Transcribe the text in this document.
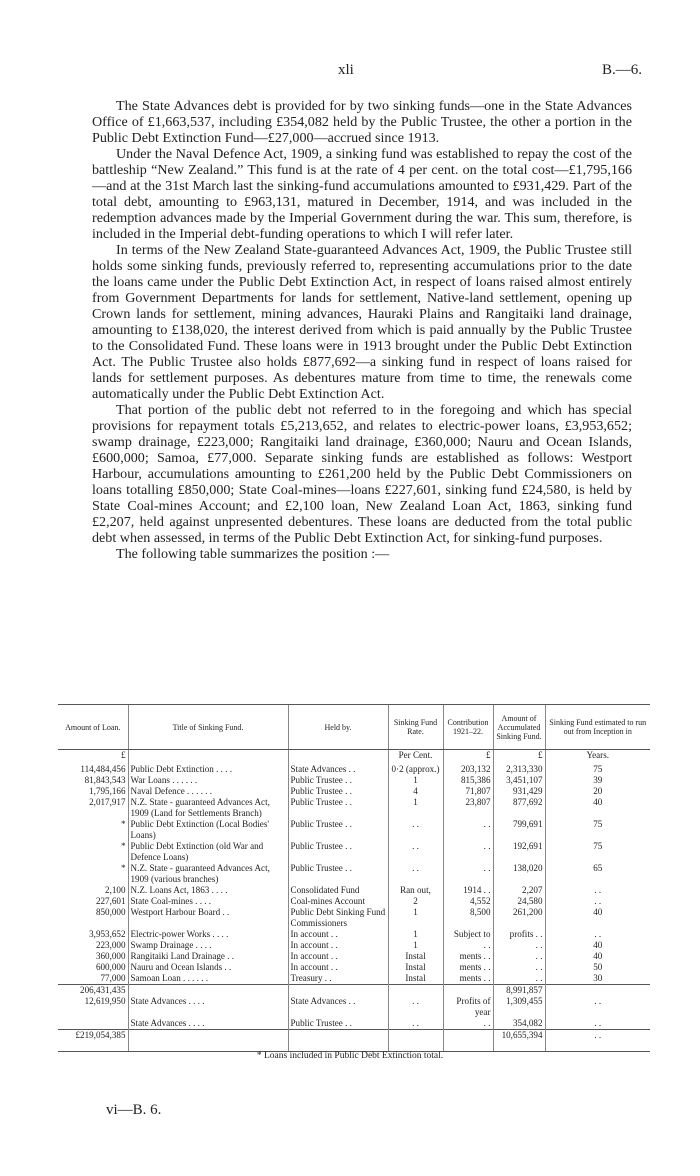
xli	B.—6.

The State Advances debt is provided for by two sinking funds—one in the State Advances Office of £1,663,537, including £354,082 held by the Public Trustee, the other a portion in the Public Debt Extinction Fund—£27,000—accrued since 1913.

Under the Naval Defence Act, 1909, a sinking fund was established to repay the cost of the battleship “New Zealand.” This fund is at the rate of 4 per cent. on the total cost—£1,795,166—and at the 31st March last the sinking-fund accumulations amounted to £931,429. Part of the total debt, amounting to £963,131, matured in December, 1914, and was included in the redemption advances made by the Imperial Government during the war. This sum, therefore, is included in the Imperial debt-funding operations to which I will refer later.

In terms of the New Zealand State-guaranteed Advances Act, 1909, the Public Trustee still holds some sinking funds, previously referred to, representing accumulations prior to the date the loans came under the Public Debt Extinction Act, in respect of loans raised almost entirely from Government Departments for lands for settlement, Native-land settlement, opening up Crown lands for settlement, mining advances, Hauraki Plains and Rangitaiki land drainage, amounting to £138,020, the interest derived from which is paid annually by the Public Trustee to the Consolidated Fund. These loans were in 1913 brought under the Public Debt Extinction Act. The Public Trustee also holds £877,692—a sinking fund in respect of loans raised for lands for settlement purposes. As debentures mature from time to time, the renewals come automatically under the Public Debt Extinction Act.

That portion of the public debt not referred to in the foregoing and which has special provisions for repayment totals £5,213,652, and relates to electric-power loans, £3,953,652; swamp drainage, £223,000; Rangitaiki land drainage, £360,000; Nauru and Ocean Islands, £600,000; Samoa, £77,000. Separate sinking funds are established as follows: Westport Harbour, accumulations amounting to £261,200 held by the Public Debt Commissioners on loans totalling £850,000; State Coal-mines—loans £227,601, sinking fund £24,580, is held by State Coal-mines Account; and £2,100 loan, New Zealand Loan Act, 1863, sinking fund £2,207, held against unpresented debentures. These loans are deducted from the total public debt when assessed, in terms of the Public Debt Extinction Act, for sinking-fund purposes.

The following table summarizes the position :—

Amount of Loan.	Title of Sinking Fund.	Held by.	Sinking Fund Rate.	Contribution 1921–22.	Amount of Accumulated Sinking Fund.	Sinking Fund estimated to run out from Inception in
£			Per Cent.	£	£	Years.
114,484,456	Public Debt Extinction . . . .	State Advances . .	0·2 (approx.)	203,132	2,313,330	75
81,843,543	War Loans . . . . . .	Public Trustee . .	1	815,386	3,451,107	39
1,795,166	Naval Defence . . . . . .	Public Trustee . .	4	71,807	931,429	20
2,017,917	N.Z. State - guaranteed Advances Act, 1909 (Land for Settlements Branch)	Public Trustee . .	1	23,807	877,692	40
*	Public Debt Extinction (Local Bodies' Loans)	Public Trustee . .	. .	. .	799,691	75
*	Public Debt Extinction (old War and Defence Loans)	Public Trustee . .	. .	. .	192,691	75
*	N.Z. State - guaranteed Advances Act, 1909 (various branches)	Public Trustee . .	. .	. .	138,020	65
2,100	N.Z. Loans Act, 1863 . . . .	Consolidated Fund	Ran out,	1914 . .	2,207	. .
227,601	State Coal-mines . . . .	Coal-mines Account	2	4,552	24,580	. .
850,000	Westport Harbour Board . .	Public Debt Sinking Fund Commissioners	1	8,500	261,200	40
3,953,652	Electric-power Works . . . .	In account . .	1	Subject to	profits . .	. .
223,000	Swamp Drainage . . . .	In account . .	1	. .	. .	40
360,000	Rangitaiki Land Drainage . .	In account . .	Instal	ments . .	. .	40
600,000	Nauru and Ocean Islands . .	In account . .	Instal	ments . .	. .	50
77,000	Samoan Loan . . . . . .	Treasury . .	Instal	ments . .	. .	30
206,431,435					8,991,857	
12,619,950	State Advances . . . .	State Advances . .	. .	Profits of year	1,309,455	. .
	State Advances . . . .	Public Trustee . .	. .	. .	354,082	. .
£219,054,385					10,655,394	. .
* Loans included in Public Debt Extinction total.
vi—B. 6.
